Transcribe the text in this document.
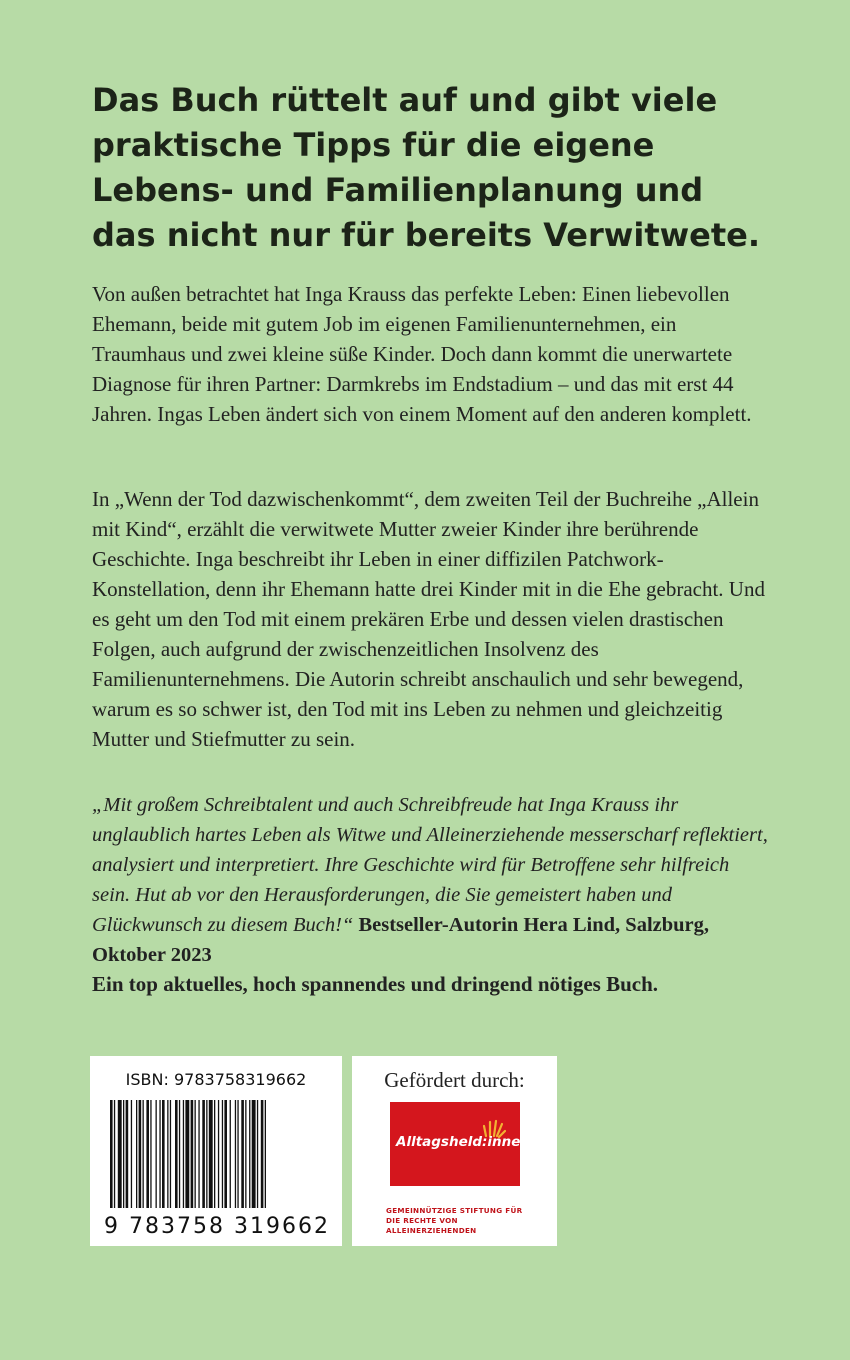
Das Buch rüttelt auf und gibt viele praktische Tipps für die eigene Lebens- und Familienplanung und das nicht nur für bereits Verwitwete.

Von außen betrachtet hat Inga Krauss das perfekte Leben: Einen liebevollen Ehemann, beide mit gutem Job im eigenen Familienunternehmen, ein Traumhaus und zwei kleine süße Kinder. Doch dann kommt die unerwartete Diagnose für ihren Partner: Darmkrebs im Endstadium – und das mit erst 44 Jahren. Ingas Leben ändert sich von einem Moment auf den anderen komplett.

In „Wenn der Tod dazwischenkommt“, dem zweiten Teil der Buchreihe „Allein mit Kind“, erzählt die verwitwete Mutter zweier Kinder ihre berührende Geschichte. Inga beschreibt ihr Leben in einer diffizilen Patchwork-Konstellation, denn ihr Ehemann hatte drei Kinder mit in die Ehe gebracht. Und es geht um den Tod mit einem prekären Erbe und dessen vielen drastischen Folgen, auch aufgrund der zwischenzeitlichen Insolvenz des Familienunternehmens. Die Autorin schreibt anschaulich und sehr bewegend, warum es so schwer ist, den Tod mit ins Leben zu nehmen und gleichzeitig Mutter und Stiefmutter zu sein.

„Mit großem Schreibtalent und auch Schreibfreude hat Inga Krauss ihr unglaublich hartes Leben als Witwe und Alleinerziehende messerscharf reflektiert, analysiert und interpretiert. Ihre Geschichte wird für Betroffene sehr hilfreich sein. Hut ab vor den Herausforderungen, die Sie gemeistert haben und Glückwunsch zu diesem Buch!“ Bestseller-Autorin Hera Lind, Salzburg, Oktober 2023

Ein top aktuelles, hoch spannendes und dringend nötiges Buch.

ISBN: 9783758319662
9 783758 319662
Gefördert durch:
Alltagsheld:innen
GEMEINNÜTZIGE STIFTUNG FÜR DIE RECHTE VON ALLEINERZIEHENDEN
